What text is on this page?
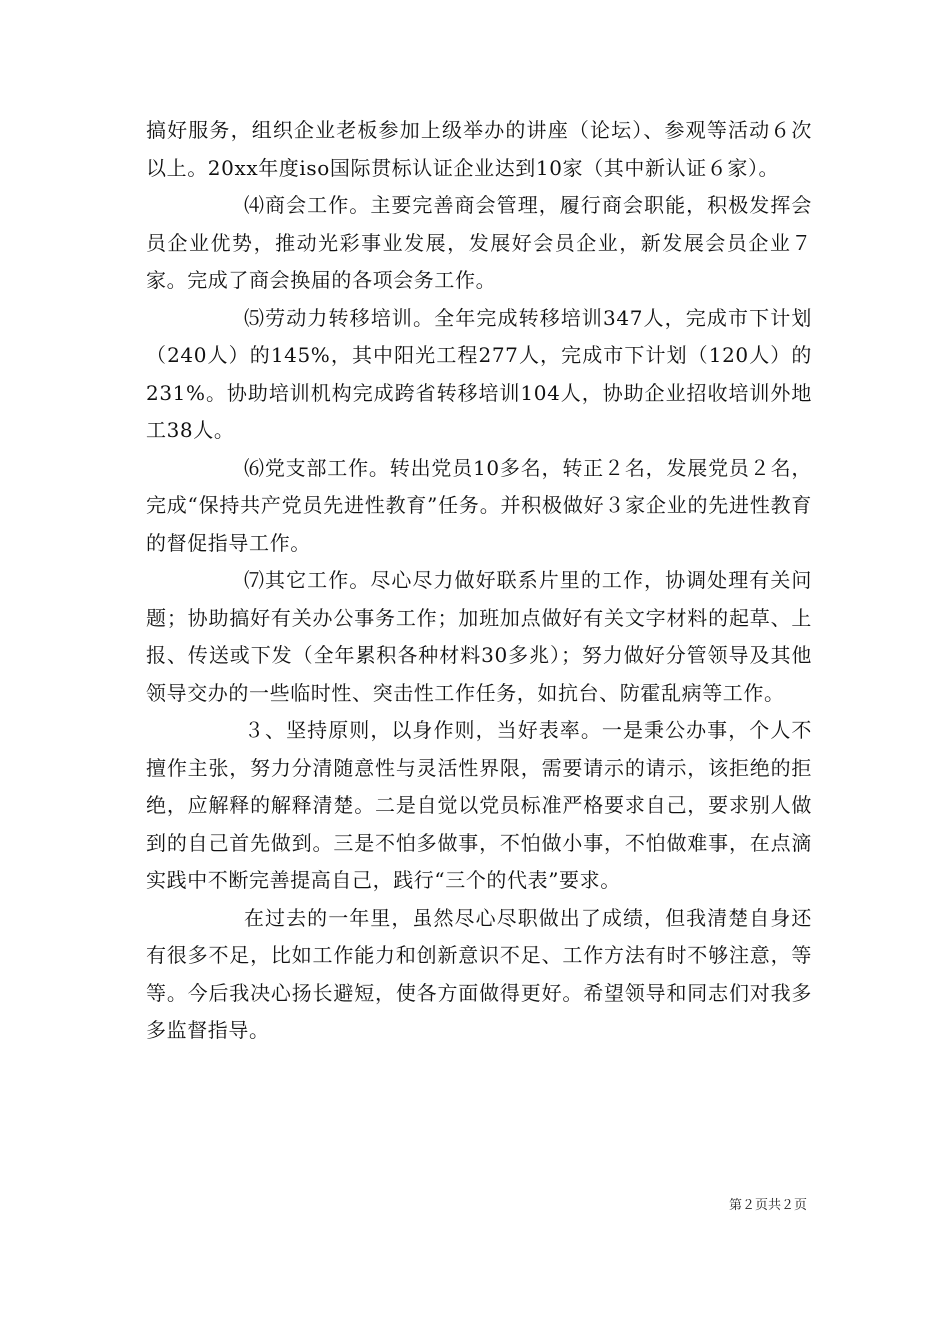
搞好服务，组织企业老板参加上级举办的讲座（论坛）、参观等活动６次以上。20xx年度iso国际贯标认证企业达到10家（其中新认证６家）。

⑷商会工作。主要完善商会管理，履行商会职能，积极发挥会员企业优势，推动光彩事业发展，发展好会员企业，新发展会员企业７家。完成了商会换届的各项会务工作。

⑸劳动力转移培训。全年完成转移培训347人，完成市下计划（240人）的145%，其中阳光工程277人，完成市下计划（120人）的231%。协助培训机构完成跨省转移培训104人，协助企业招收培训外地工38人。

⑹党支部工作。转出党员10多名，转正２名，发展党员２名，完成“保持共产党员先进性教育”任务。并积极做好３家企业的先进性教育的督促指导工作。

⑺其它工作。尽心尽力做好联系片里的工作，协调处理有关问题；协助搞好有关办公事务工作；加班加点做好有关文字材料的起草、上报、传送或下发（全年累积各种材料30多兆）；努力做好分管领导及其他领导交办的一些临时性、突击性工作任务，如抗台、防霍乱病等工作。

３、坚持原则，以身作则，当好表率。一是秉公办事，个人不擅作主张，努力分清随意性与灵活性界限，需要请示的请示，该拒绝的拒绝，应解释的解释清楚。二是自觉以党员标准严格要求自己，要求别人做到的自己首先做到。三是不怕多做事，不怕做小事，不怕做难事，在点滴实践中不断完善提高自己，践行“三个的代表”要求。

在过去的一年里，虽然尽心尽职做出了成绩，但我清楚自身还有很多不足，比如工作能力和创新意识不足、工作方法有时不够注意，等等。今后我决心扬长避短，使各方面做得更好。希望领导和同志们对我多多监督指导。

第２页共２页
